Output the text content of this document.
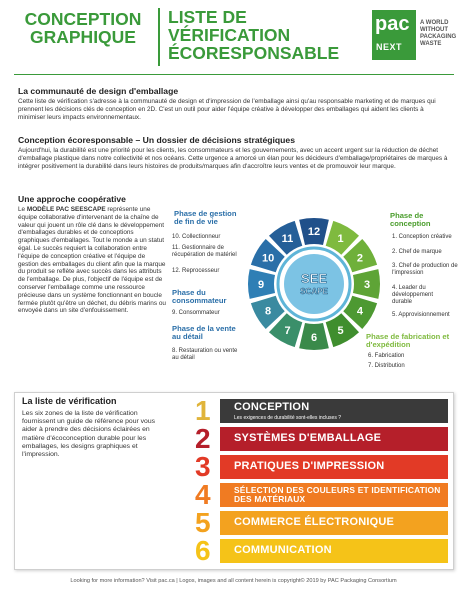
CONCEPTION
GRAPHIQUE
LISTE DE
VÉRIFICATION
ÉCORESPONSABLE
pac
NEXT
A WORLD
WITHOUT
PACKAGING
WASTE
La communauté de design d'emballage

Cette liste de vérification s'adresse à la communauté de design et d'impression de l'emballage ainsi qu'au responsable marketing et de marques qui prennent les décisions clés de conception en 2D. C'est un outil pour aider l'équipe créative à développer des emballages qui aident les clients à minimiser leurs impacts environnementaux.

Conception écoresponsable – Un dossier de décisions stratégiques

Aujourd'hui, la durabilité est une priorité pour les clients, les consommateurs et les gouvernements, avec un accent urgent sur la réduction de déchet d'emballage plastique dans notre collectivité et nos océans. Cette urgence a amorcé un élan pour les décideurs d'emballage/propriétaires de marques à intégrer positivement la durabilité dans leurs histoires de produits/marques afin d'accroître leurs ventes et de promouvoir leur marque.

Une approche coopérative

Le MODÈLE PAC SEESCAPE représente une équipe collaborative d'intervenant de la chaîne de valeur qui jouent un rôle clé dans le développement d'emballages durables et de conceptions graphiques d'emballages. Tout le monde a un statut égal. Le succès requiert la collaboration entre l'équipe de conception créative et l'équipe de gestion des emballages du client afin que la marque du produit se reflète avec succès dans les attributs de l'emballage. De plus, l'objectif de l'équipe est de conserver l'emballage comme une ressource précieuse dans un système fonctionnant en boucle fermée plutôt qu'être un déchet, du débris marins ou envoyée dans un site d'enfouissement.

1
2
3
4
5
6
7
8
9
10
11
12
SEE
SCAPE
Phase de gestion de fin de vie
10. Collectionneur
11. Gestionnaire de récupération de matériel
12. Reprocesseur
Phase du consommateur
9. Consommateur
Phase de la vente au détail
8. Restauration ou vente au détail
Phase de conception
1. Conception créative
2. Chef de marque
3. Chef de production de l'impression
4. Leader du développement durable
5. Approvisionnement
Phase de fabrication et d'expédition
6. Fabrication
7. Distribution
La liste de vérification

Les six zones de la liste de vérification fournissent un guide de référence pour vous aider à prendre des décisions éclairées en matière d'écoconception durable pour les emballages, les designs graphiques et l'impression.

1 CONCEPTION
Les exigences de durabilité sont-elles incluses ?
2 SYSTÈMES D'EMBALLAGE
3 PRATIQUES D'IMPRESSION
4	SÉLECTION DES COULEURS ET IDENTIFICATION DES MATÉRIAUX
5 COMMERCE ÉLECTRONIQUE
6 COMMUNICATION
Looking for more information? Visit pac.ca | Logos, images and all content herein is copyright© 2019 by PAC Packaging Consortium
